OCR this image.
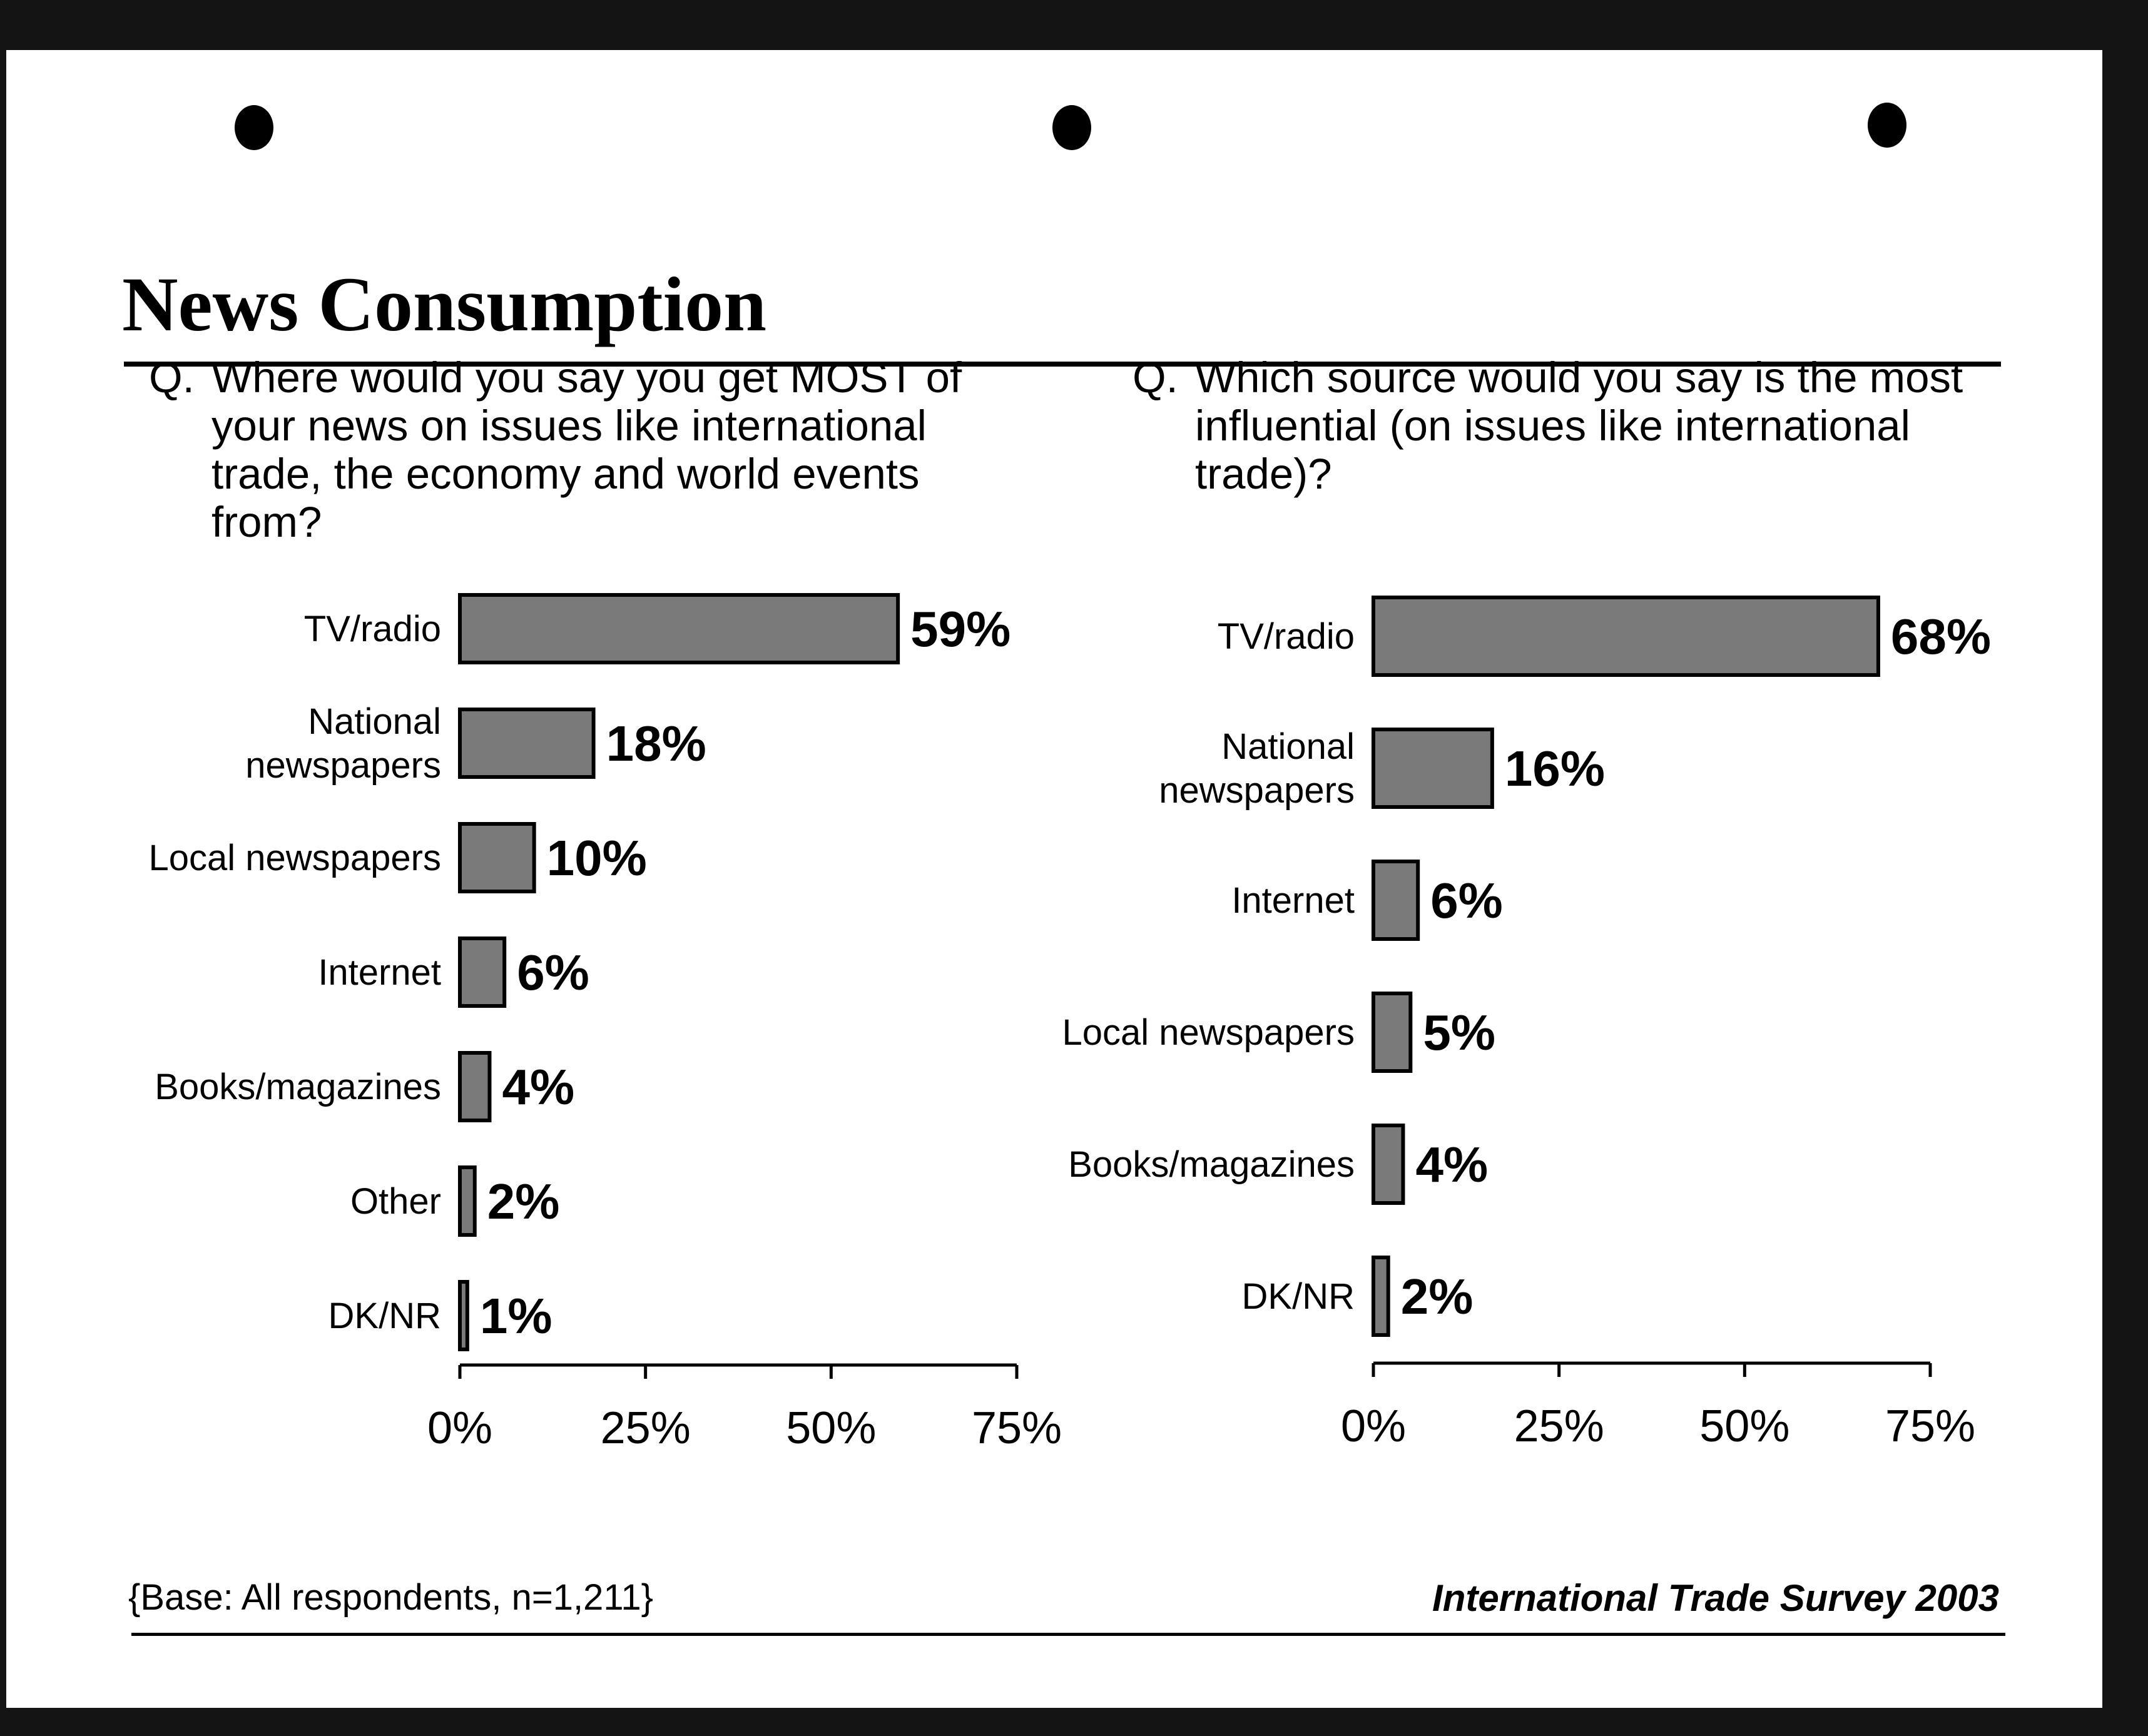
News Consumption
Q. Where would you say you get MOST of
your news on issues like international
trade, the economy and world events
from?
Q. Which source would you say is the most
influential (on issues like international
trade)?
TV/radio	59%
National newspapers	18%
Local newspapers 10%
Internet 6%
Books/magazines 4%
Other 2%
DK/NR 1%
0% 25% 50% 75%
TV/radio	68%
National newspapers	16%
Internet 6%
Local newspapers 5%
Books/magazines 4%
DK/NR 2%
0% 25% 50% 75%
{Base: All respondents, n=1,211}	International Trade Survey 2003
